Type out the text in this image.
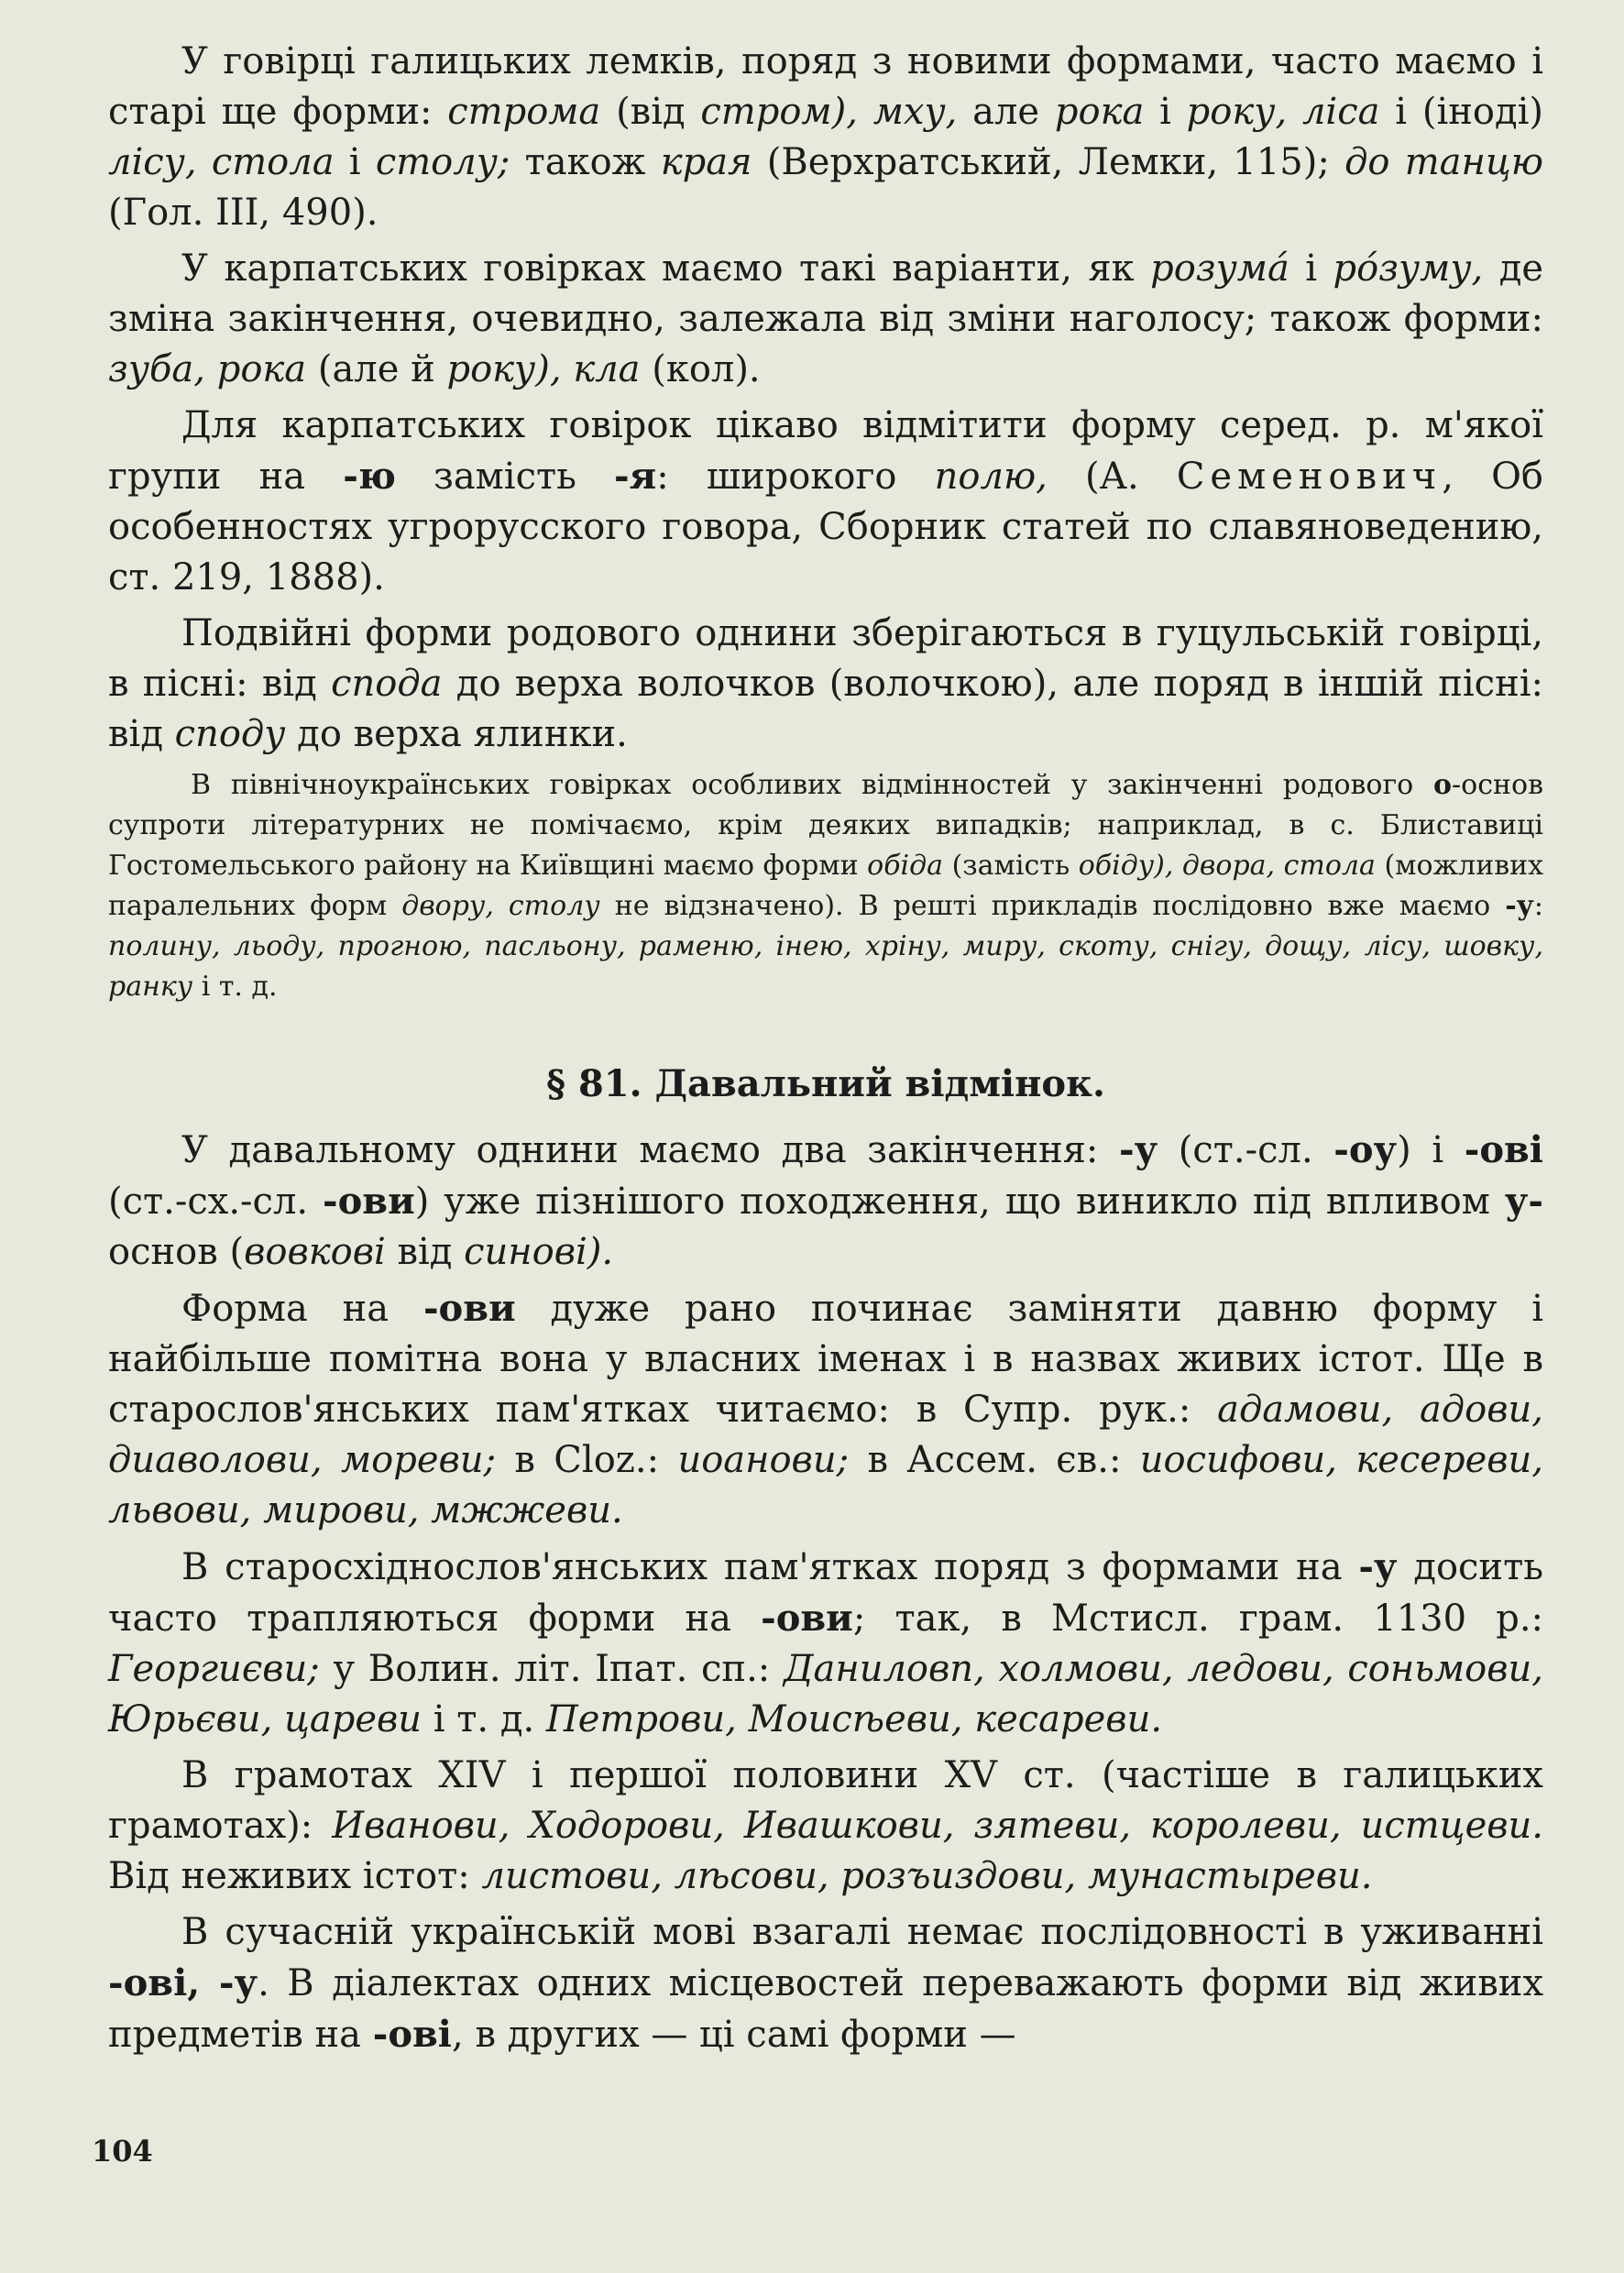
У говірці галицьких лемків, поряд з новими формами, часто маємо і старі ще форми: строма (від стром), мху, але рока і року, ліса і (іноді) лісу, стола і столу; також края (Верхратський, Лемки, 115); до танцю (Гол. III, 490).

У карпатських говірках маємо такі варіанти, як розумá і рóзуму, де зміна закінчення, очевидно, залежала від зміни наголосу; також форми: зуба, рока (але й року), кла (кол).

Для карпатських говірок цікаво відмітити форму серед. р. м'якої групи на -ю замість -я: широкого полю, (А. Семенович, Об особенностях угрорусского говора, Сборник статей по славяноведению, ст. 219, 1888).

Подвійні форми родового однини зберігаються в гуцульській говірці, в пісні: від спода до верха волочков (волочкою), але поряд в іншій пісні: від споду до верха ялинки.

В північноукраїнських говірках особливих відмінностей у закінченні родового о-основ супроти літературних не помічаємо, крім деяких випадків; наприклад, в с. Блиставиці Гостомельського району на Київщині маємо форми обіда (замість обіду), двора, стола (можливих паралельних форм двору, столу не відзначено). В решті прикладів послідовно вже маємо -у: полину, льоду, прогною, пасльону, раменю, інею, хріну, миру, скоту, снігу, дощу, лісу, шовку, ранку і т. д.

§ 81. Давальний відмінок.

У давальному однини маємо два закінчення: -у (ст.-сл. -оу) і -ові (ст.-сх.-сл. -ови) уже пізнішого походження, що виникло під впливом у- основ (вовкові від синові).

Форма на -ови дуже рано починає заміняти давню форму і найбільше помітна вона у власних іменах і в назвах живих істот. Ще в старослов'янських пам'ятках читаємо: в Супр. рук.: адамови, адови, диаволови, мореви; в Cloz.: иоанови; в Ассем. єв.: иосифови, кесереви, львови, мирови, мжжеви.

В старосхіднослов'янських пам'ятках поряд з формами на -у досить часто трапляються форми на -ови; так, в Мстисл. грам. 1130 р.: Георгиєви; у Волин. літ. Іпат. сп.: Даниловп, холмови, ледови, соньмови, Юрьєви, цареви і т. д. Петрови, Моисѣеви, кесареви.

В грамотах XIV і першої половини XV ст. (частіше в галицьких грамотах): Иванови, Ходорови, Ивашкови, зятеви, королеви, истцеви. Від неживих істот: листови, лѣсови, розъиздови, мунастыреви.

В сучасній українській мові взагалі немає послідовності в уживанні -ові, -у. В діалектах одних місцевостей переважають форми від живих предметів на -ові, в других — ці самі форми —

104
